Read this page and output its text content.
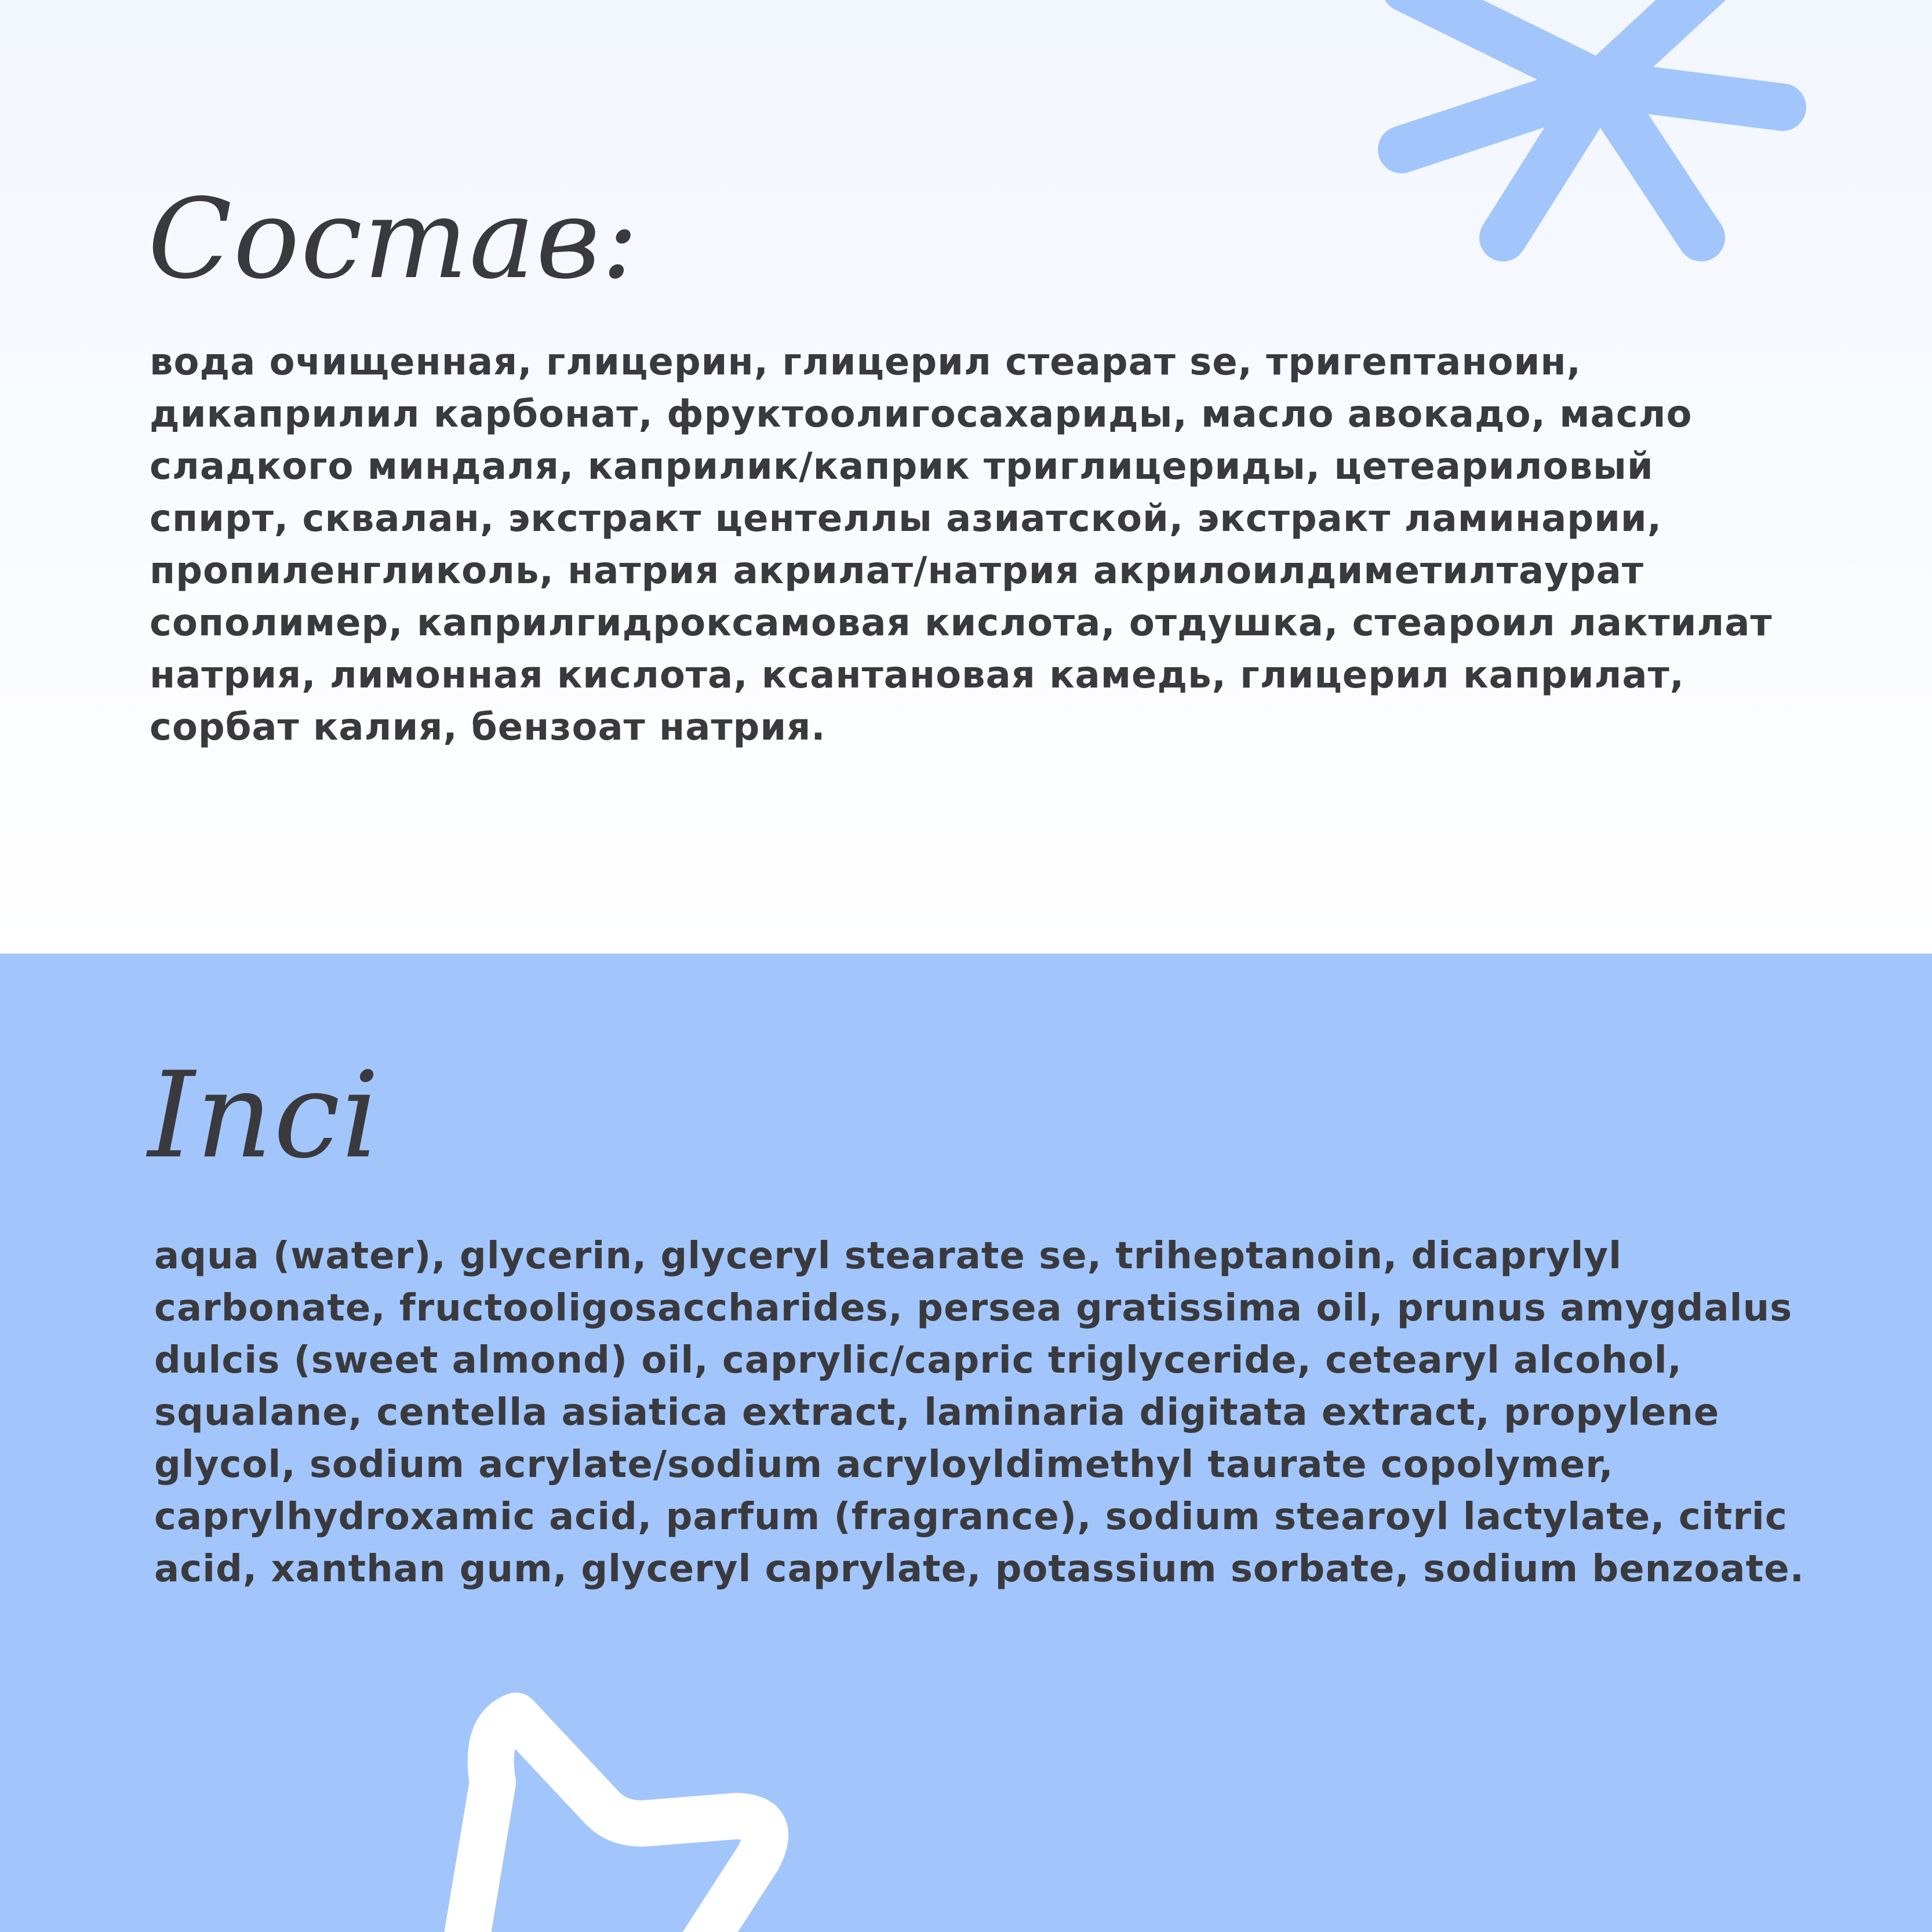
Состав:

вода очищенная, глицерин, глицерил стеарат se, тригептаноин, дикаприлил карбонат, фруктоолигосахариды, масло авокадо, масло сладкого миндаля, каприлик/каприк триглицериды, цетеариловый спирт, сквалан, экстракт центеллы азиатской, экстракт ламинарии, пропиленгликоль, натрия акрилат/натрия акрилоилдиметилтаурат сополимер, каприлгидроксамовая кислота, отдушка, стеароил лактилат натрия, лимонная кислота, ксантановая камедь, глицерил каприлат, сорбат калия, бензоат натрия.

Inci

aqua (water), glycerin, glyceryl stearate se, triheptanoin, dicaprylyl carbonate, fructooligosaccharides, persea gratissima oil, prunus amygdalus dulcis (sweet almond) oil, caprylic/capric triglyceride, cetearyl alcohol, squalane, centella asiatica extract, laminaria digitata extract, propylene glycol, sodium acrylate/sodium acryloyldimethyl taurate copolymer, caprylhydroxamic acid, parfum (fragrance), sodium stearoyl lactylate, citric acid, xanthan gum, glyceryl caprylate, potassium sorbate, sodium benzoate.
